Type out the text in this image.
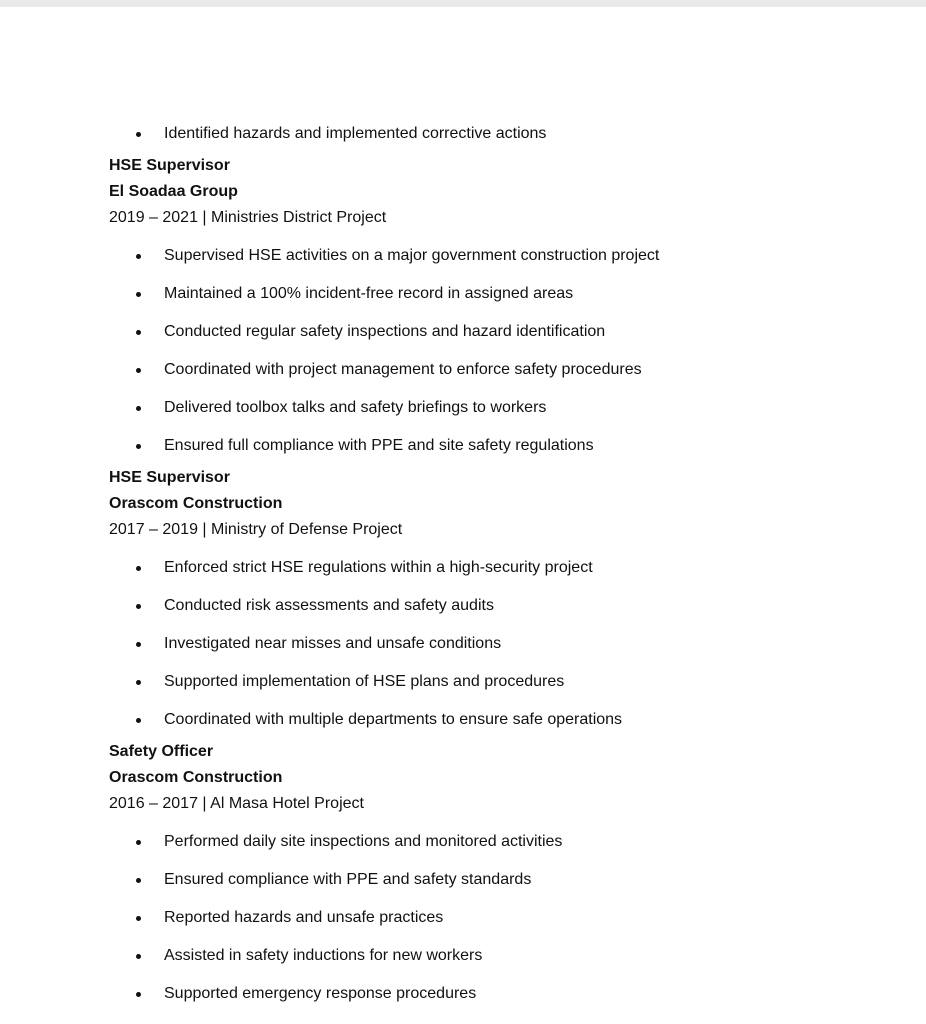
Identified hazards and implemented corrective actions
HSE Supervisor
El Soadaa Group
2019 – 2021 | Ministries District Project
Supervised HSE activities on a major government construction project
Maintained a 100% incident-free record in assigned areas
Conducted regular safety inspections and hazard identification
Coordinated with project management to enforce safety procedures
Delivered toolbox talks and safety briefings to workers
Ensured full compliance with PPE and site safety regulations
HSE Supervisor
Orascom Construction
2017 – 2019 | Ministry of Defense Project
Enforced strict HSE regulations within a high-security project
Conducted risk assessments and safety audits
Investigated near misses and unsafe conditions
Supported implementation of HSE plans and procedures
Coordinated with multiple departments to ensure safe operations
Safety Officer
Orascom Construction
2016 – 2017 | Al Masa Hotel Project
Performed daily site inspections and monitored activities
Ensured compliance with PPE and safety standards
Reported hazards and unsafe practices
Assisted in safety inductions for new workers
Supported emergency response procedures
